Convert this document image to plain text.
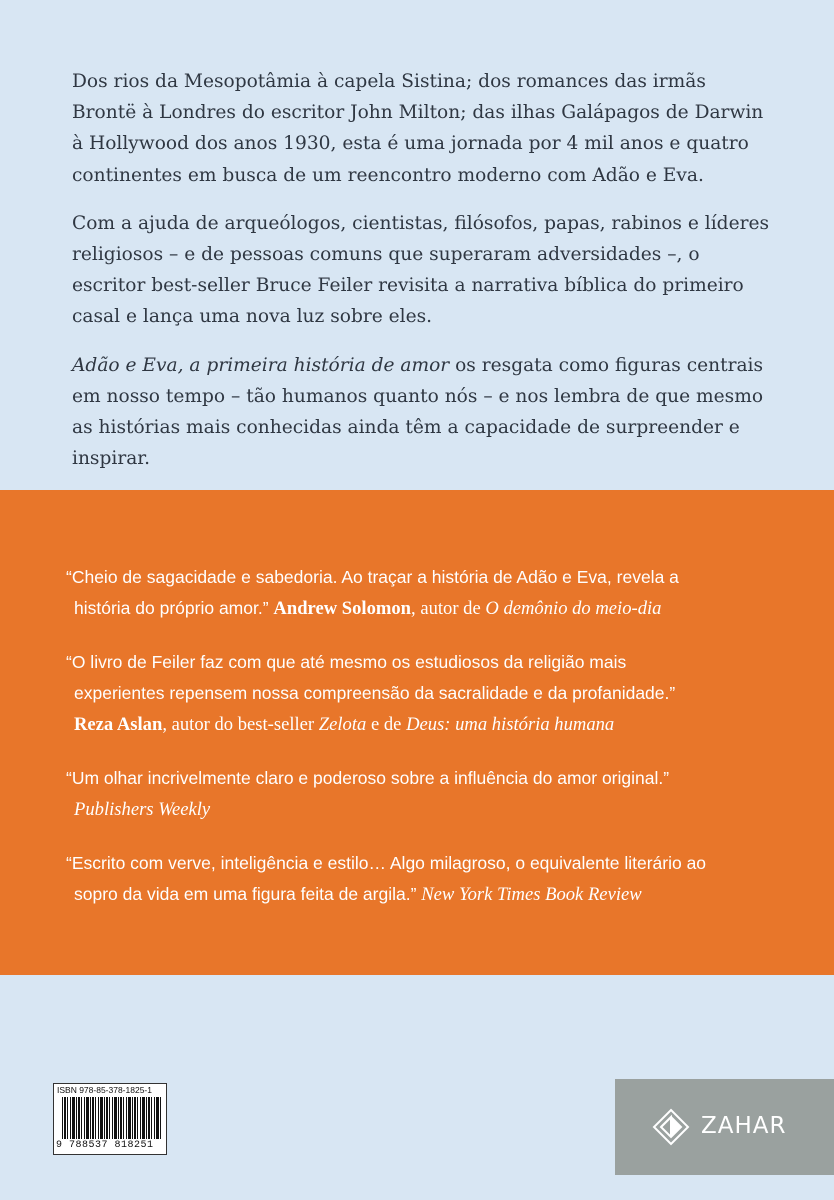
Dos rios da Mesopotâmia à capela Sistina; dos romances das irmãs Brontë à Londres do escritor John Milton; das ilhas Galápagos de Darwin à Hollywood dos anos 1930, esta é uma jornada por 4 mil anos e quatro continentes em busca de um reencontro moderno com Adão e Eva.

Com a ajuda de arqueólogos, cientistas, filósofos, papas, rabinos e líderes religiosos – e de pessoas comuns que superaram adversidades –, o escritor best-seller Bruce Feiler revisita a narrativa bíblica do primeiro casal e lança uma nova luz sobre eles.

Adão e Eva, a primeira história de amor os resgata como figuras centrais em nosso tempo – tão humanos quanto nós – e nos lembra de que mesmo as histórias mais conhecidas ainda têm a capacidade de surpreender e inspirar.

“Cheio de sagacidade e sabedoria. Ao traçar a história de Adão e Eva, revela a
história do próprio amor.” Andrew Solomon, autor de O demônio do meio-dia
“O livro de Feiler faz com que até mesmo os estudiosos da religião mais
experientes repensem nossa compreensão da sacralidade e da profanidade.”
Reza Aslan, autor do best-seller Zelota e de Deus: uma história humana
“Um olhar incrivelmente claro e poderoso sobre a influência do amor original.”
Publishers Weekly
“Escrito com verve, inteligência e estilo… Algo milagroso, o equivalente literário ao
sopro da vida em uma figura feita de argila.” New York Times Book Review
ISBN 978-85-378-1825-1
9 788537 818251
ZAHAR
